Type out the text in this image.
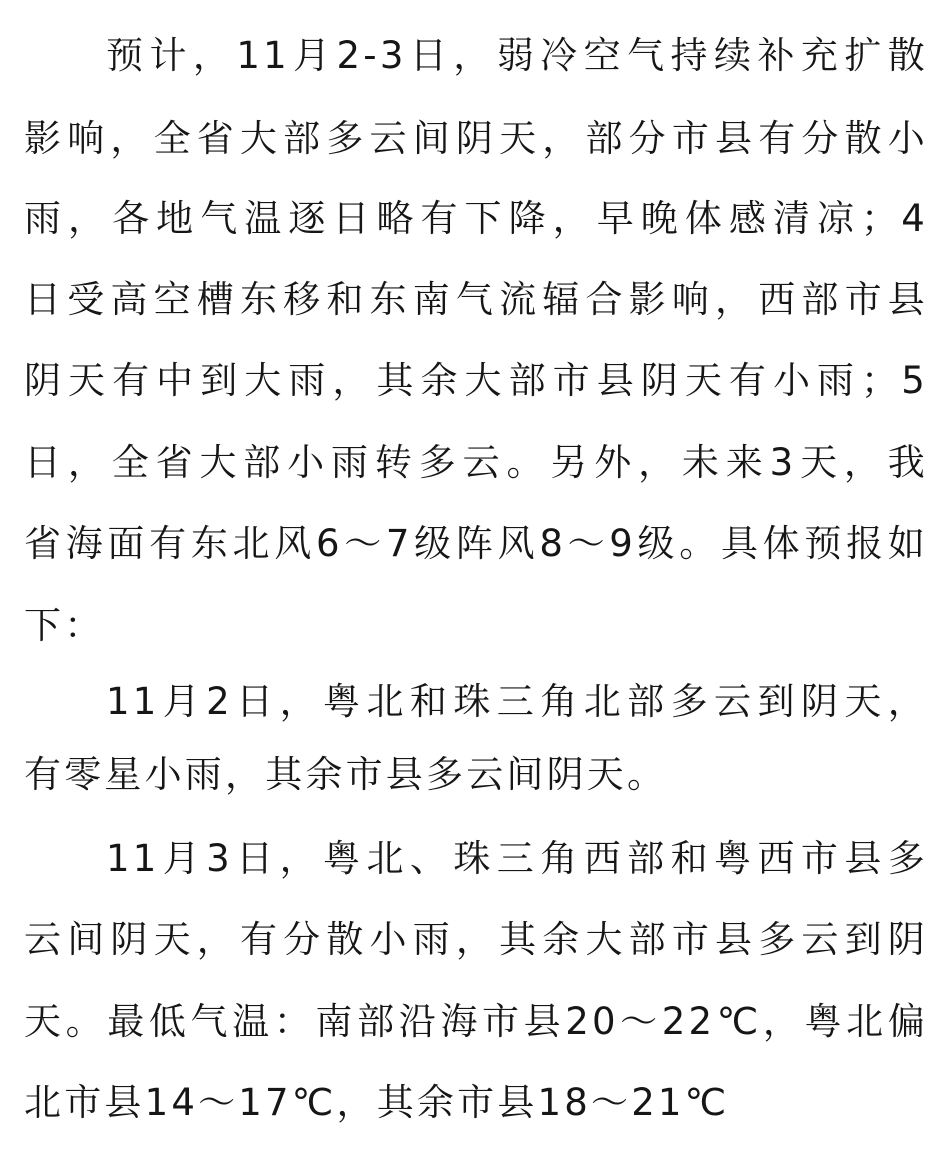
预计，11月2-3日，弱冷空气持续补充扩散
影响，全省大部多云间阴天，部分市县有分散小
雨，各地气温逐日略有下降，早晚体感清凉；4
日受高空槽东移和东南气流辐合影响，西部市县
阴天有中到大雨，其余大部市县阴天有小雨；5
日，全省大部小雨转多云。另外，未来3天，我
省海面有东北风6～7级阵风8～9级。具体预报如
下：
11月2日，粤北和珠三角北部多云到阴天，
有零星小雨，其余市县多云间阴天。
11月3日，粤北、珠三角西部和粤西市县多
云间阴天，有分散小雨，其余大部市县多云到阴
天。最低气温：南部沿海市县20～22℃，粤北偏
北市县14～17℃，其余市县18～21℃
